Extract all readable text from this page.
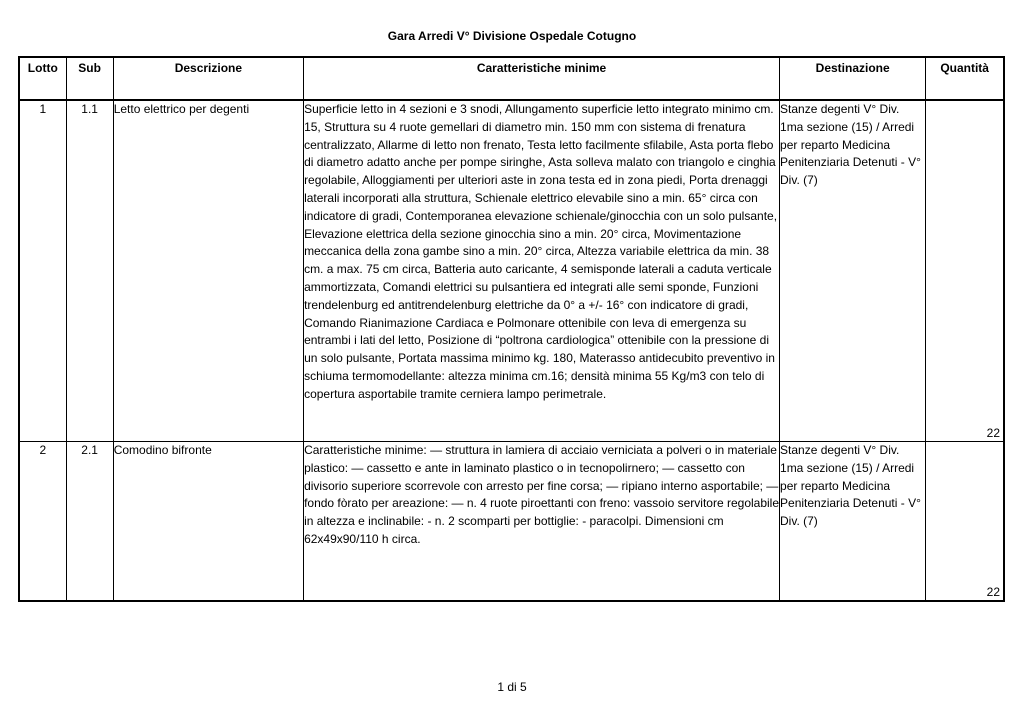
Gara Arredi V° Divisione Ospedale Cotugno
Lotto	Sub	Descrizione	Caratteristiche minime	Destinazione	Quantità
1	1.1	Letto elettrico per degenti	Superficie letto in 4 sezioni e 3 snodi, Allungamento superficie letto integrato minimo cm. 15, Struttura su 4 ruote gemellari di diametro min. 150 mm con sistema di frenatura centralizzato, Allarme di letto non frenato, Testa letto facilmente sfilabile, Asta porta flebo di diametro adatto anche per pompe siringhe, Asta solleva malato con triangolo e cinghia regolabile, Alloggiamenti per ulteriori aste in zona testa ed in zona piedi, Porta drenaggi laterali incorporati alla struttura, Schienale elettrico elevabile sino a min. 65° circa con indicatore di gradi, Contemporanea elevazione schienale/ginocchia con un solo pulsante, Elevazione elettrica della sezione ginocchia sino a min. 20° circa, Movimentazione meccanica della zona gambe sino a min. 20° circa, Altezza variabile elettrica da min. 38 cm. a max. 75 cm circa, Batteria auto caricante, 4 semisponde laterali a caduta verticale ammortizzata, Comandi elettrici su pulsantiera ed integrati alle semi sponde, Funzioni trendelenburg ed antitrendelenburg elettriche da 0° a +/- 16° con indicatore di gradi, Comando Rianimazione Cardiaca e Polmonare ottenibile con leva di emergenza su entrambi i lati del letto, Posizione di “poltrona cardiologica” ottenibile con la pressione di un solo pulsante, Portata massima minimo kg. 180, Materasso antidecubito preventivo in schiuma termomodellante: altezza minima cm.16; densità minima 55 Kg/m3 con telo di copertura asportabile tramite cerniera lampo perimetrale.	Stanze degenti V° Div. 1ma sezione (15) / Arredi per reparto Medicina Penitenziaria Detenuti - V° Div. (7)	22

2	2.1	Comodino bifronte	Caratteristiche minime: — struttura in lamiera di acciaio verniciata a polveri o in materiale plastico: — cassetto e ante in laminato plastico o in tecnopolirnero; — cassetto con divisorio superiore scorrevole con arresto per fine corsa; — ripiano interno asportabile; — fondo fòrato per areazione: — n. 4 ruote piroettanti con freno: vassoio servitore regolabile in altezza e inclinabile: - n. 2 scomparti per bottiglie: - paracolpi. Dimensioni cm 62x49x90/110 h circa.	Stanze degenti V° Div. 1ma sezione (15) / Arredi per reparto Medicina Penitenziaria Detenuti - V° Div. (7)	22
1 di 5
